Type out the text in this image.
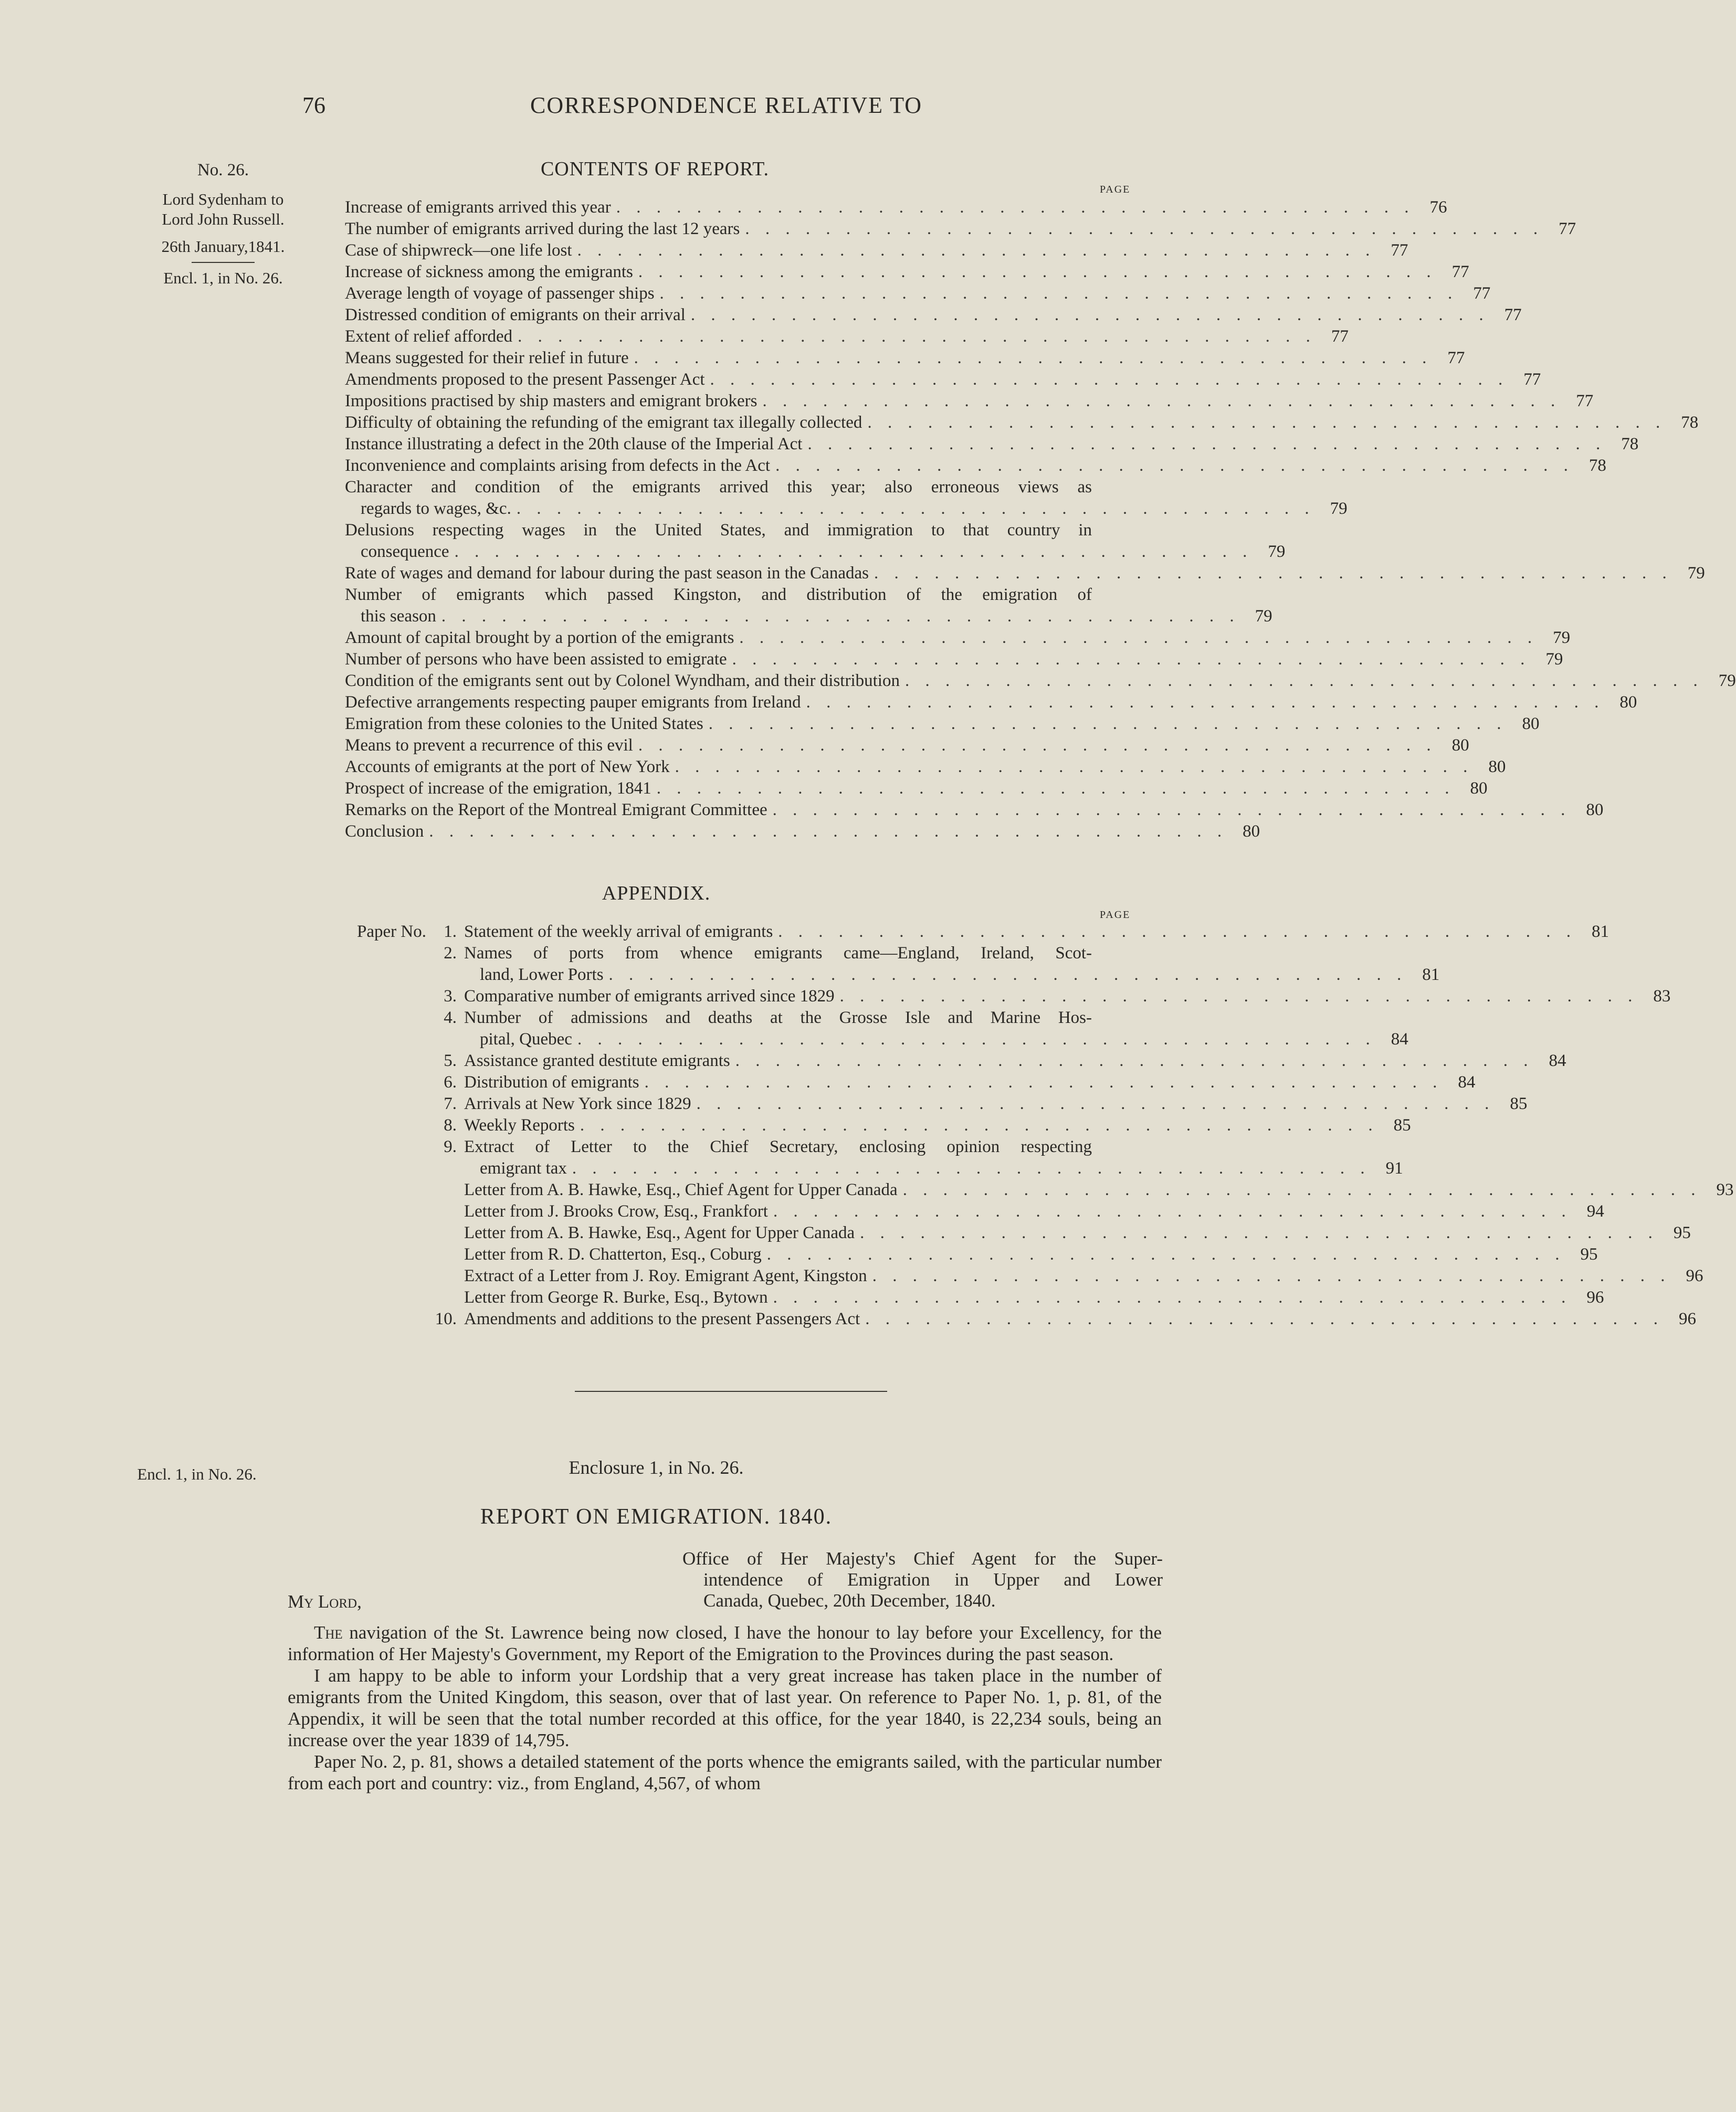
76	CORRESPONDENCE RELATIVE TO
No. 26.
Lord Sydenham to
Lord John Russell.
26th January,1841.
Encl. 1, in No. 26.
CONTENTS OF REPORT.
PAGE
Increase of emigrants arrived this year . . . . . . . . . . . . . . . . . . . . . . . . . . . . . . . . . . . . . . . . 76
The number of emigrants arrived during the last 12 years . . . . . . . . . . . . . . . . . . . . . . . . . . . . . . . . . . . . . . . . 77
Case of shipwreck—one life lost . . . . . . . . . . . . . . . . . . . . . . . . . . . . . . . . . . . . . . . . 77
Increase of sickness among the emigrants . . . . . . . . . . . . . . . . . . . . . . . . . . . . . . . . . . . . . . . . 77
Average length of voyage of passenger ships . . . . . . . . . . . . . . . . . . . . . . . . . . . . . . . . . . . . . . . . 77
Distressed condition of emigrants on their arrival . . . . . . . . . . . . . . . . . . . . . . . . . . . . . . . . . . . . . . . . 77
Extent of relief afforded . . . . . . . . . . . . . . . . . . . . . . . . . . . . . . . . . . . . . . . . 77
Means suggested for their relief in future . . . . . . . . . . . . . . . . . . . . . . . . . . . . . . . . . . . . . . . . 77
Amendments proposed to the present Passenger Act . . . . . . . . . . . . . . . . . . . . . . . . . . . . . . . . . . . . . . . . 77
Impositions practised by ship masters and emigrant brokers . . . . . . . . . . . . . . . . . . . . . . . . . . . . . . . . . . . . . . . . 77
Difficulty of obtaining the refunding of the emigrant tax illegally collected . . . . . . . . . . . . . . . . . . . . . . . . . . . . . . . . . . . . . . . . 78
Instance illustrating a defect in the 20th clause of the Imperial Act . . . . . . . . . . . . . . . . . . . . . . . . . . . . . . . . . . . . . . . . 78
Inconvenience and complaints arising from defects in the Act . . . . . . . . . . . . . . . . . . . . . . . . . . . . . . . . . . . . . . . . 78
Character and condition of the emigrants arrived this year; also erroneous views as
regards to wages, &c. . . . . . . . . . . . . . . . . . . . . . . . . . . . . . . . . . . . . . . . . 79
Delusions respecting wages in the United States, and immigration to that country in
consequence . . . . . . . . . . . . . . . . . . . . . . . . . . . . . . . . . . . . . . . . 79
Rate of wages and demand for labour during the past season in the Canadas . . . . . . . . . . . . . . . . . . . . . . . . . . . . . . . . . . . . . . . . 79
Number of emigrants which passed Kingston, and distribution of the emigration of
this season . . . . . . . . . . . . . . . . . . . . . . . . . . . . . . . . . . . . . . . . 79
Amount of capital brought by a portion of the emigrants . . . . . . . . . . . . . . . . . . . . . . . . . . . . . . . . . . . . . . . . 79
Number of persons who have been assisted to emigrate . . . . . . . . . . . . . . . . . . . . . . . . . . . . . . . . . . . . . . . . 79
Condition of the emigrants sent out by Colonel Wyndham, and their distribution . . . . . . . . . . . . . . . . . . . . . . . . . . . . . . . . . . . . . . . . 79
Defective arrangements respecting pauper emigrants from Ireland . . . . . . . . . . . . . . . . . . . . . . . . . . . . . . . . . . . . . . . . 80
Emigration from these colonies to the United States . . . . . . . . . . . . . . . . . . . . . . . . . . . . . . . . . . . . . . . . 80
Means to prevent a recurrence of this evil . . . . . . . . . . . . . . . . . . . . . . . . . . . . . . . . . . . . . . . . 80
Accounts of emigrants at the port of New York . . . . . . . . . . . . . . . . . . . . . . . . . . . . . . . . . . . . . . . . 80
Prospect of increase of the emigration, 1841 . . . . . . . . . . . . . . . . . . . . . . . . . . . . . . . . . . . . . . . . 80
Remarks on the Report of the Montreal Emigrant Committee . . . . . . . . . . . . . . . . . . . . . . . . . . . . . . . . . . . . . . . . 80
Conclusion . . . . . . . . . . . . . . . . . . . . . . . . . . . . . . . . . . . . . . . . 80
APPENDIX.
PAGE
Paper No.	1. Statement of the weekly arrival of emigrants . . . . . . . . . . . . . . . . . . . . . . . . . . . . . . . . . . . . . . . . 81
2. Names of ports from whence emigrants came—England, Ireland, Scot-
land, Lower Ports . . . . . . . . . . . . . . . . . . . . . . . . . . . . . . . . . . . . . . . . 81
3. Comparative number of emigrants arrived since 1829 . . . . . . . . . . . . . . . . . . . . . . . . . . . . . . . . . . . . . . . . 83
4. Number of admissions and deaths at the Grosse Isle and Marine Hos-
pital, Quebec . . . . . . . . . . . . . . . . . . . . . . . . . . . . . . . . . . . . . . . . 84
5. Assistance granted destitute emigrants . . . . . . . . . . . . . . . . . . . . . . . . . . . . . . . . . . . . . . . . 84
6. Distribution of emigrants . . . . . . . . . . . . . . . . . . . . . . . . . . . . . . . . . . . . . . . . 84
7. Arrivals at New York since 1829 . . . . . . . . . . . . . . . . . . . . . . . . . . . . . . . . . . . . . . . . 85
8. Weekly Reports . . . . . . . . . . . . . . . . . . . . . . . . . . . . . . . . . . . . . . . . 85
9. Extract of Letter to the Chief Secretary, enclosing opinion respecting
emigrant tax . . . . . . . . . . . . . . . . . . . . . . . . . . . . . . . . . . . . . . . . 91
Letter from A. B. Hawke, Esq., Chief Agent for Upper Canada . . . . . . . . . . . . . . . . . . . . . . . . . . . . . . . . . . . . . . . . 93
Letter from J. Brooks Crow, Esq., Frankfort . . . . . . . . . . . . . . . . . . . . . . . . . . . . . . . . . . . . . . . . 94
Letter from A. B. Hawke, Esq., Agent for Upper Canada . . . . . . . . . . . . . . . . . . . . . . . . . . . . . . . . . . . . . . . . 95
Letter from R. D. Chatterton, Esq., Coburg . . . . . . . . . . . . . . . . . . . . . . . . . . . . . . . . . . . . . . . . 95
Extract of a Letter from J. Roy. Emigrant Agent, Kingston . . . . . . . . . . . . . . . . . . . . . . . . . . . . . . . . . . . . . . . . 96
Letter from George R. Burke, Esq., Bytown . . . . . . . . . . . . . . . . . . . . . . . . . . . . . . . . . . . . . . . . 96
10. Amendments and additions to the present Passengers Act . . . . . . . . . . . . . . . . . . . . . . . . . . . . . . . . . . . . . . . . 96
Encl. 1, in No. 26.	Enclosure 1, in No. 26.
REPORT ON EMIGRATION. 1840.
Office of Her Majesty's Chief Agent for the Super-
intendence of Emigration in Upper and Lower
Canada, Quebec, 20th December, 1840.
My Lord,

The navigation of the St. Lawrence being now closed, I have the honour to lay before your Excellency, for the information of Her Majesty's Government, my Report of the Emigration to the Provinces during the past season.

I am happy to be able to inform your Lordship that a very great increase has taken place in the number of emigrants from the United Kingdom, this season, over that of last year. On reference to Paper No. 1, p. 81, of the Appendix, it will be seen that the total number recorded at this office, for the year 1840, is 22,234 souls, being an increase over the year 1839 of 14,795.

Paper No. 2, p. 81, shows a detailed statement of the ports whence the emigrants sailed, with the particular number from each port and country: viz., from England, 4,567, of whom
